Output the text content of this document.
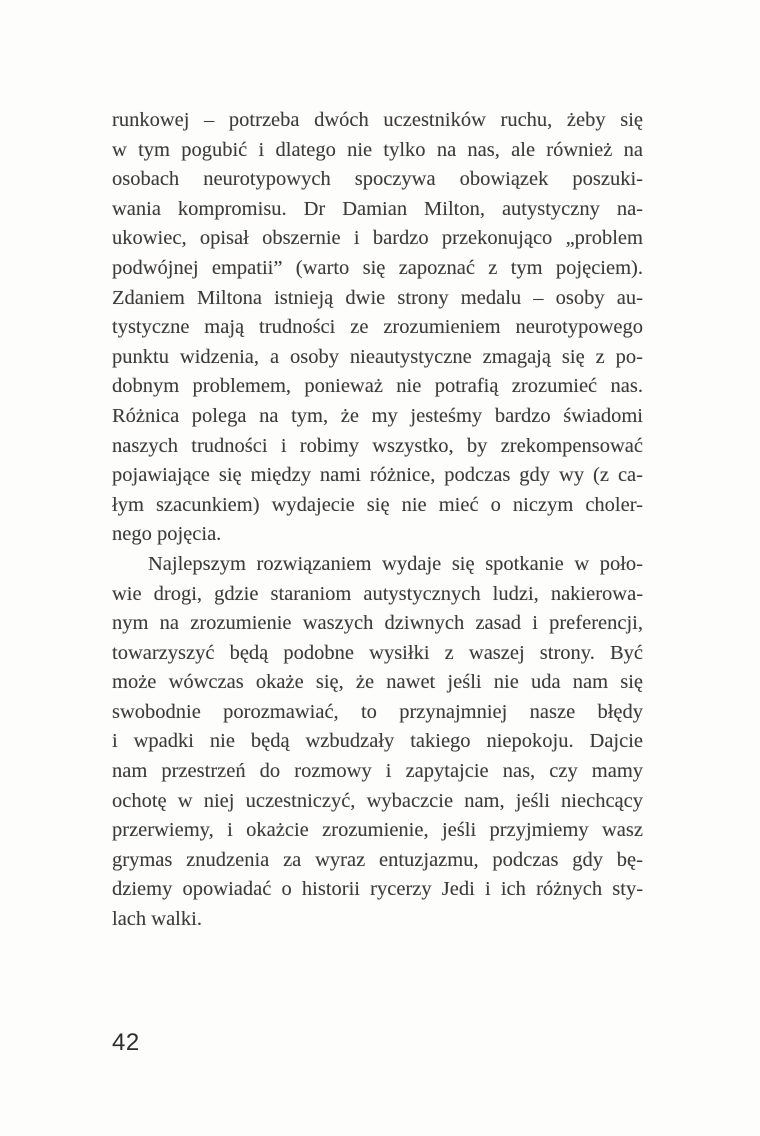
runkowej – potrzeba dwóch uczestników ruchu, żeby się

w tym pogubić i dlatego nie tylko na nas, ale również na

osobach neurotypowych spoczywa obowiązek poszuki-

wania kompromisu. Dr Damian Milton, autystyczny na-

ukowiec, opisał obszernie i bardzo przekonująco „problem

podwójnej empatii” (warto się zapoznać z tym pojęciem).

Zdaniem Miltona istnieją dwie strony medalu – osoby au-

tystyczne mają trudności ze zrozumieniem neurotypowego

punktu widzenia, a osoby nieautystyczne zmagają się z po-

dobnym problemem, ponieważ nie potrafią zrozumieć nas.

Różnica polega na tym, że my jesteśmy bardzo świadomi

naszych trudności i robimy wszystko, by zrekompensować

pojawiające się między nami różnice, podczas gdy wy (z ca-

łym szacunkiem) wydajecie się nie mieć o niczym choler-

nego pojęcia.

Najlepszym rozwiązaniem wydaje się spotkanie w poło-

wie drogi, gdzie staraniom autystycznych ludzi, nakierowa-

nym na zrozumienie waszych dziwnych zasad i preferencji,

towarzyszyć będą podobne wysiłki z waszej strony. Być

może wówczas okaże się, że nawet jeśli nie uda nam się

swobodnie porozmawiać, to przynajmniej nasze błędy

i wpadki nie będą wzbudzały takiego niepokoju. Dajcie

nam przestrzeń do rozmowy i zapytajcie nas, czy mamy

ochotę w niej uczestniczyć, wybaczcie nam, jeśli niechcący

przerwiemy, i okażcie zrozumienie, jeśli przyjmiemy wasz

grymas znudzenia za wyraz entuzjazmu, podczas gdy bę-

dziemy opowiadać o historii rycerzy Jedi i ich różnych sty-

lach walki.

42
